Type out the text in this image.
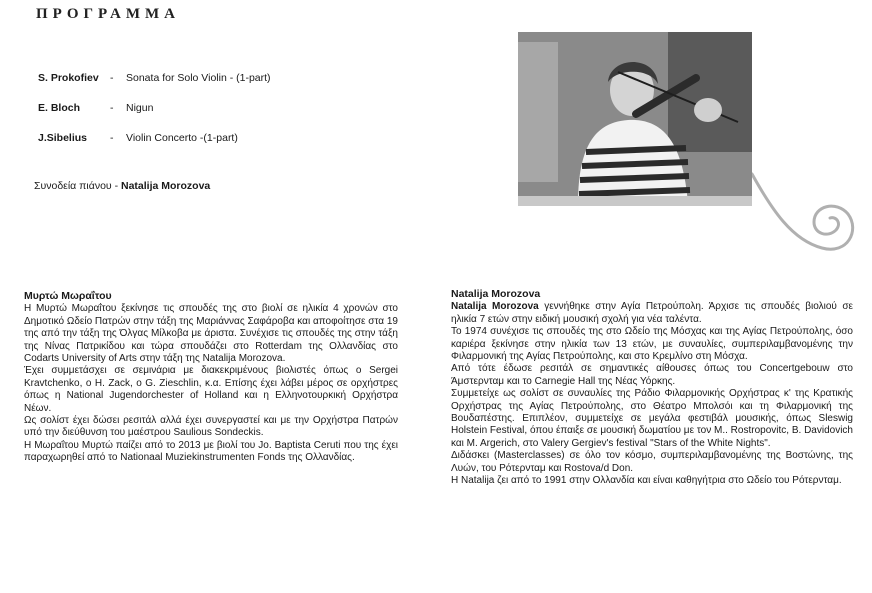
ΠΡΟΓΡΑΜΜΑ
S. Prokofiev	-	Sonata for Solo Violin - (1-part)
E. Bloch	-	Nigun
J.Sibelius	-	Violin Concerto -(1-part)
Συνοδεία πιάνου - Natalija Morozova
Μυρτώ Μωραΐτου

Η Μυρτώ Μωραΐτου ξεκίνησε τις σπουδές της στο βιολί σε ηλικία 4 χρονών στο Δημοτικό Ωδείο Πατρών στην τάξη της Μαριάννας Σαφάροβα και αποφοίτησε στα 19 της από την τάξη της Όλγας Μίλκοβα με άριστα. Συνέχισε τις σπουδές της στην τάξη της Νίνας Πατρικίδου και τώρα σπουδάζει στο Rotterdam της Ολλανδίας στο Codarts University of Arts στην τάξη της Natalija Morozova.

Έχει συμμετάσχει σε σεμινάρια με διακεκριμένους βιολιστές όπως ο Sergei Kravtchenko, ο H. Zack, ο G. Zieschlin, κ.α. Επίσης έχει λάβει μέρος σε ορχήστρες όπως η National Jugendorchester of Holland και η Ελληνοτουρκική Ορχήστρα Νέων.

Ως σολίστ έχει δώσει ρεσιτάλ αλλά έχει συνεργαστεί και με την Ορχήστρα Πατρών υπό την διεύθυνση του μαέστρου Saulious Sondeckis.

Η Μωραΐτου Μυρτώ παίζει από το 2013 με βιολί του Jo. Baptista Ceruti που της έχει παραχωρηθεί από το Nationaal Muziekinstrumenten Fonds της Ολλανδίας.

Natalija Morozova

Natalija Morozova γεννήθηκε στην Αγία Πετρούπολη. Άρχισε τις σπουδές βιολιού σε ηλικία 7 ετών στην ειδική μουσική σχολή για νέα ταλέντα.

Το 1974 συνέχισε τις σπουδές της στο Ωδείο της Μόσχας και της Αγίας Πετρούπολης, όσο καριέρα ξεκίνησε στην ηλικία των 13 ετών, με συναυλίες, συμπεριλαμβανομένης την Φιλαρμονική της Αγίας Πετρούπολης, και στο Κρεμλίνο στη Μόσχα.

Από τότε έδωσε ρεσιτάλ σε σημαντικές αίθουσες όπως του Concertgebouw στο Άμστερνταμ και το Carnegie Hall της Νέας Υόρκης.

Συμμετείχε ως σολίστ σε συναυλίες της Ράδιο Φιλαρμονικής Ορχήστρας κ' της Κρατικής Ορχήστρας της Αγίας Πετρούπολης, στο Θέατρο Μπολσόι και τη Φιλαρμονική της Βουδαπέστης. Επιπλέον, συμμετείχε σε μεγάλα φεστιβάλ μουσικής, όπως Sleswig Holstein Festival, όπου έπαιξε σε μουσική δωματίου με τον M.. Rostropovitc, B. Davidovich και M. Argerich, στο Valery Gergiev's festival "Stars of the White Nights".

Διδάσκει (Masterclasses) σε όλο τον κόσμο, συμπεριλαμβανομένης της Βοστώνης, της Λυών, του Ρότερνταμ και Rostova/d Don.

Η Natalija ζει από το 1991 στην Ολλανδία και είναι καθηγήτρια στο Ωδείο του Ρότερνταμ.
